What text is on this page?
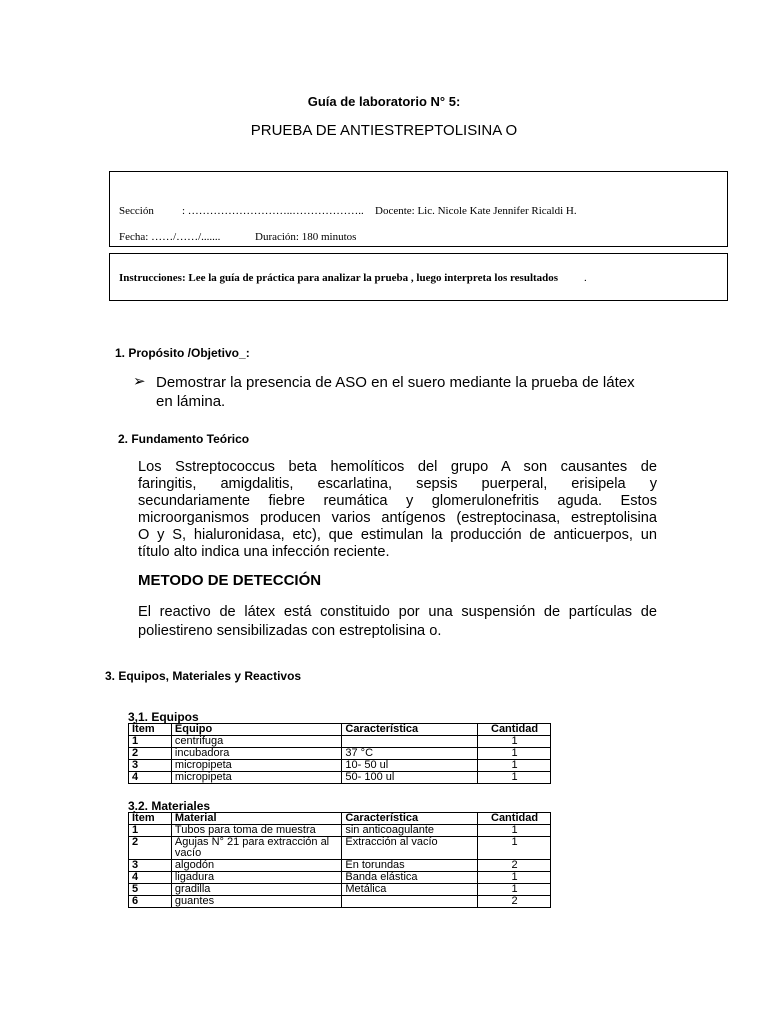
Guía de laboratorio N° 5:
PRUEBA DE ANTIESTREPTOLISINA O
Sección	: ………………………..……………….. Docente: Lic. Nicole Kate Jennifer Ricaldi H.
Fecha: ……/……/.......	Duración: 180 minutos
Instrucciones: Lee la guía de práctica para analizar la prueba , luego interpreta los resultados .
1. Propósito /Objetivo_:
➢ Demostrar la presencia de ASO en el suero mediante la prueba de látex
en lámina.
2. Fundamento Teórico
Los Sstreptococcus beta hemolíticos del grupo A son causantes de
faringitis, amigdalitis, escarlatina, sepsis puerperal, erisipela y
secundariamente fiebre reumática y glomerulonefritis aguda. Estos
microorganismos producen varios antígenos (estreptocinasa, estreptolisina
O y S, hialuronidasa, etc), que estimulan la producción de anticuerpos, un
título alto indica una infección reciente.
METODO DE DETECCIÓN
El reactivo de látex está constituido por una suspensión de partículas de
poliestireno sensibilizadas con estreptolisina o.
3. Equipos, Materiales y Reactivos
3,1. Equipos
Ítem	Equipo	Característica	Cantidad
1	centrifuga		1
2	incubadora	37 °C	1
3	micropipeta	10- 50 ul	1
4	micropipeta	50- 100 ul	1
3.2. Materiales
Ítem	Material	Característica	Cantidad
1	Tubos para toma de muestra	sin anticoagulante	1
2	Agujas N° 21 para extracción al vacío	Extracción al vacío	1
3	algodón	En torundas	2
4	ligadura	Banda elástica	1
5	gradilla	Metálica	1
6	guantes		2
